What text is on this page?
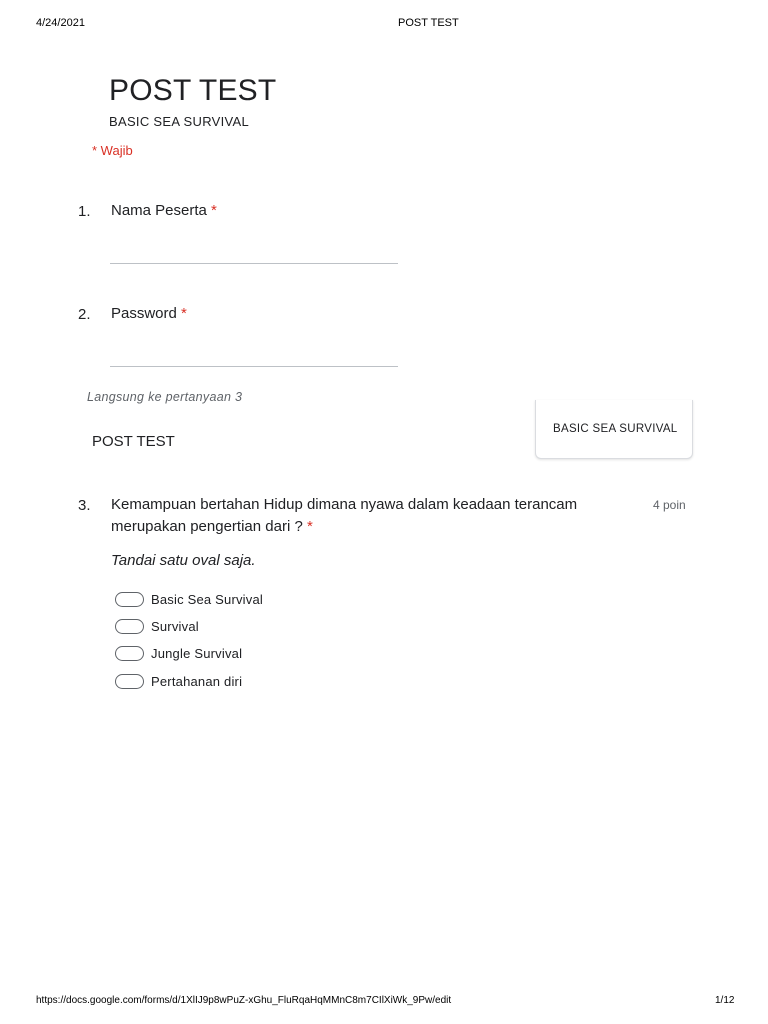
4/24/2021	POST TEST
POST TEST
BASIC SEA SURVIVAL
* Wajib
1. Nama Peserta *
2. Password *
Langsung ke pertanyaan 3
POST TEST
BASIC SEA SURVIVAL
3. Kemampuan bertahan Hidup dimana nyawa dalam keadaan terancam
merupakan pengertian dari ? *
4 poin
Tandai satu oval saja.
Basic Sea Survival
Survival
Jungle Survival
Pertahanan diri
https://docs.google.com/forms/d/1XlIJ9p8wPuZ-xGhu_FluRqaHqMMnC8m7CIlXiWk_9Pw/edit	1/12
